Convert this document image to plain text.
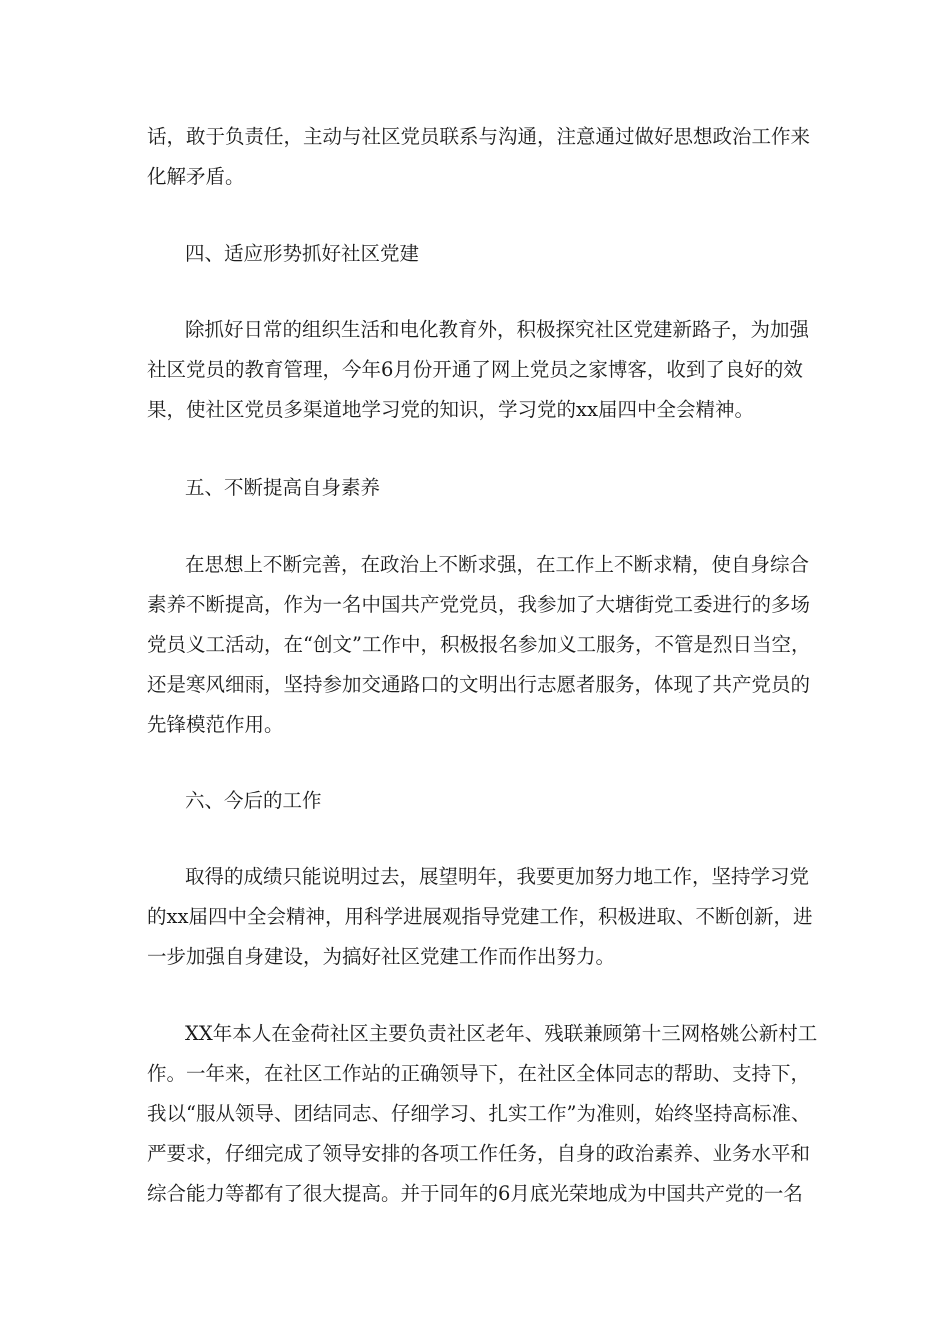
话，敢于负责任，主动与社区党员联系与沟通，注意通过做好思想政治工作来
化解矛盾。
四、适应形势抓好社区党建
除抓好日常的组织生活和电化教育外，积极探究社区党建新路子，为加强
社区党员的教育管理，今年6月份开通了网上党员之家博客，收到了良好的效
果，使社区党员多渠道地学习党的知识，学习党的xx届四中全会精神。
五、不断提高自身素养
在思想上不断完善，在政治上不断求强，在工作上不断求精，使自身综合
素养不断提高，作为一名中国共产党党员，我参加了大塘街党工委进行的多场
党员义工活动，在“创文”工作中，积极报名参加义工服务，不管是烈日当空，
还是寒风细雨，坚持参加交通路口的文明出行志愿者服务，体现了共产党员的
先锋模范作用。
六、今后的工作
取得的成绩只能说明过去，展望明年，我要更加努力地工作，坚持学习党
的xx届四中全会精神，用科学进展观指导党建工作，积极进取、不断创新，进
一步加强自身建设，为搞好社区党建工作而作出努力。
XX年本人在金荷社区主要负责社区老年、残联兼顾第十三网格姚公新村工
作。一年来，在社区工作站的正确领导下，在社区全体同志的帮助、支持下，
我以“服从领导、团结同志、仔细学习、扎实工作”为准则，始终坚持高标准、
严要求，仔细完成了领导安排的各项工作任务，自身的政治素养、业务水平和
综合能力等都有了很大提高。并于同年的6月底光荣地成为中国共产党的一名
